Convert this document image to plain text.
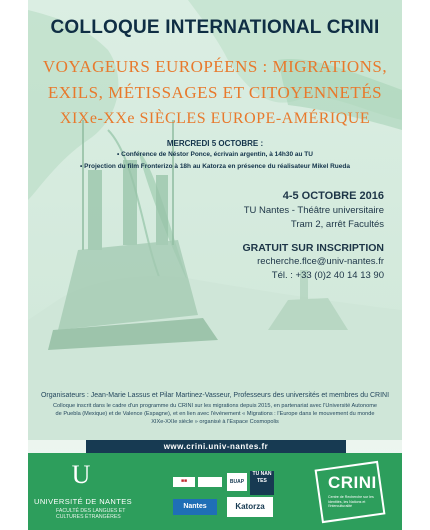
COLLOQUE INTERNATIONAL CRINI
VOYAGEURS EUROPÉENS : MIGRATIONS,
EXILS, MÉTISSAGES ET CITOYENNETÉS
XIXe-XXe SIÈCLES EUROPE-AMÉRIQUE
MERCREDI 5 OCTOBRE :
• Conférence de Néstor Ponce, écrivain argentin, à 14h30 au TU
• Projection du film Fronterizo à 18h au Katorza en présence du réalisateur Mikel Rueda
4-5 OCTOBRE 2016
TU Nantes - Théâtre universitaire
Tram 2, arrêt Facultés
GRATUIT SUR INSCRIPTION
recherche.flce@univ-nantes.fr
Tél. : +33 (0)2 40 14 13 90
Organisateurs : Jean-Marie Lassus et Pilar Martinez-Vasseur, Professeurs des universités et membres du CRINI
Colloque inscrit dans le cadre d'un programme du CRINI sur les migrations depuis 2015, en partenariat avec l'Université Autonome
de Puebla (Mexique) et de Valence (Espagne), et en lien avec l'événement « Migrations : l'Europe dans le mouvement du monde
XIXe-XXIe siècle » organisé à l'Espace Cosmopolis
www.crini.univ-nantes.fr
U
UNIVERSITÉ DE NANTES
FACULTÉ DES LANGUES ET CULTURES ÉTRANGÈRES
■■	BUAP
TU NAN TES
Nantes	Katorza
CRINI
Centre de Recherche sur les Identités, les Nations et l'Interculturalité
